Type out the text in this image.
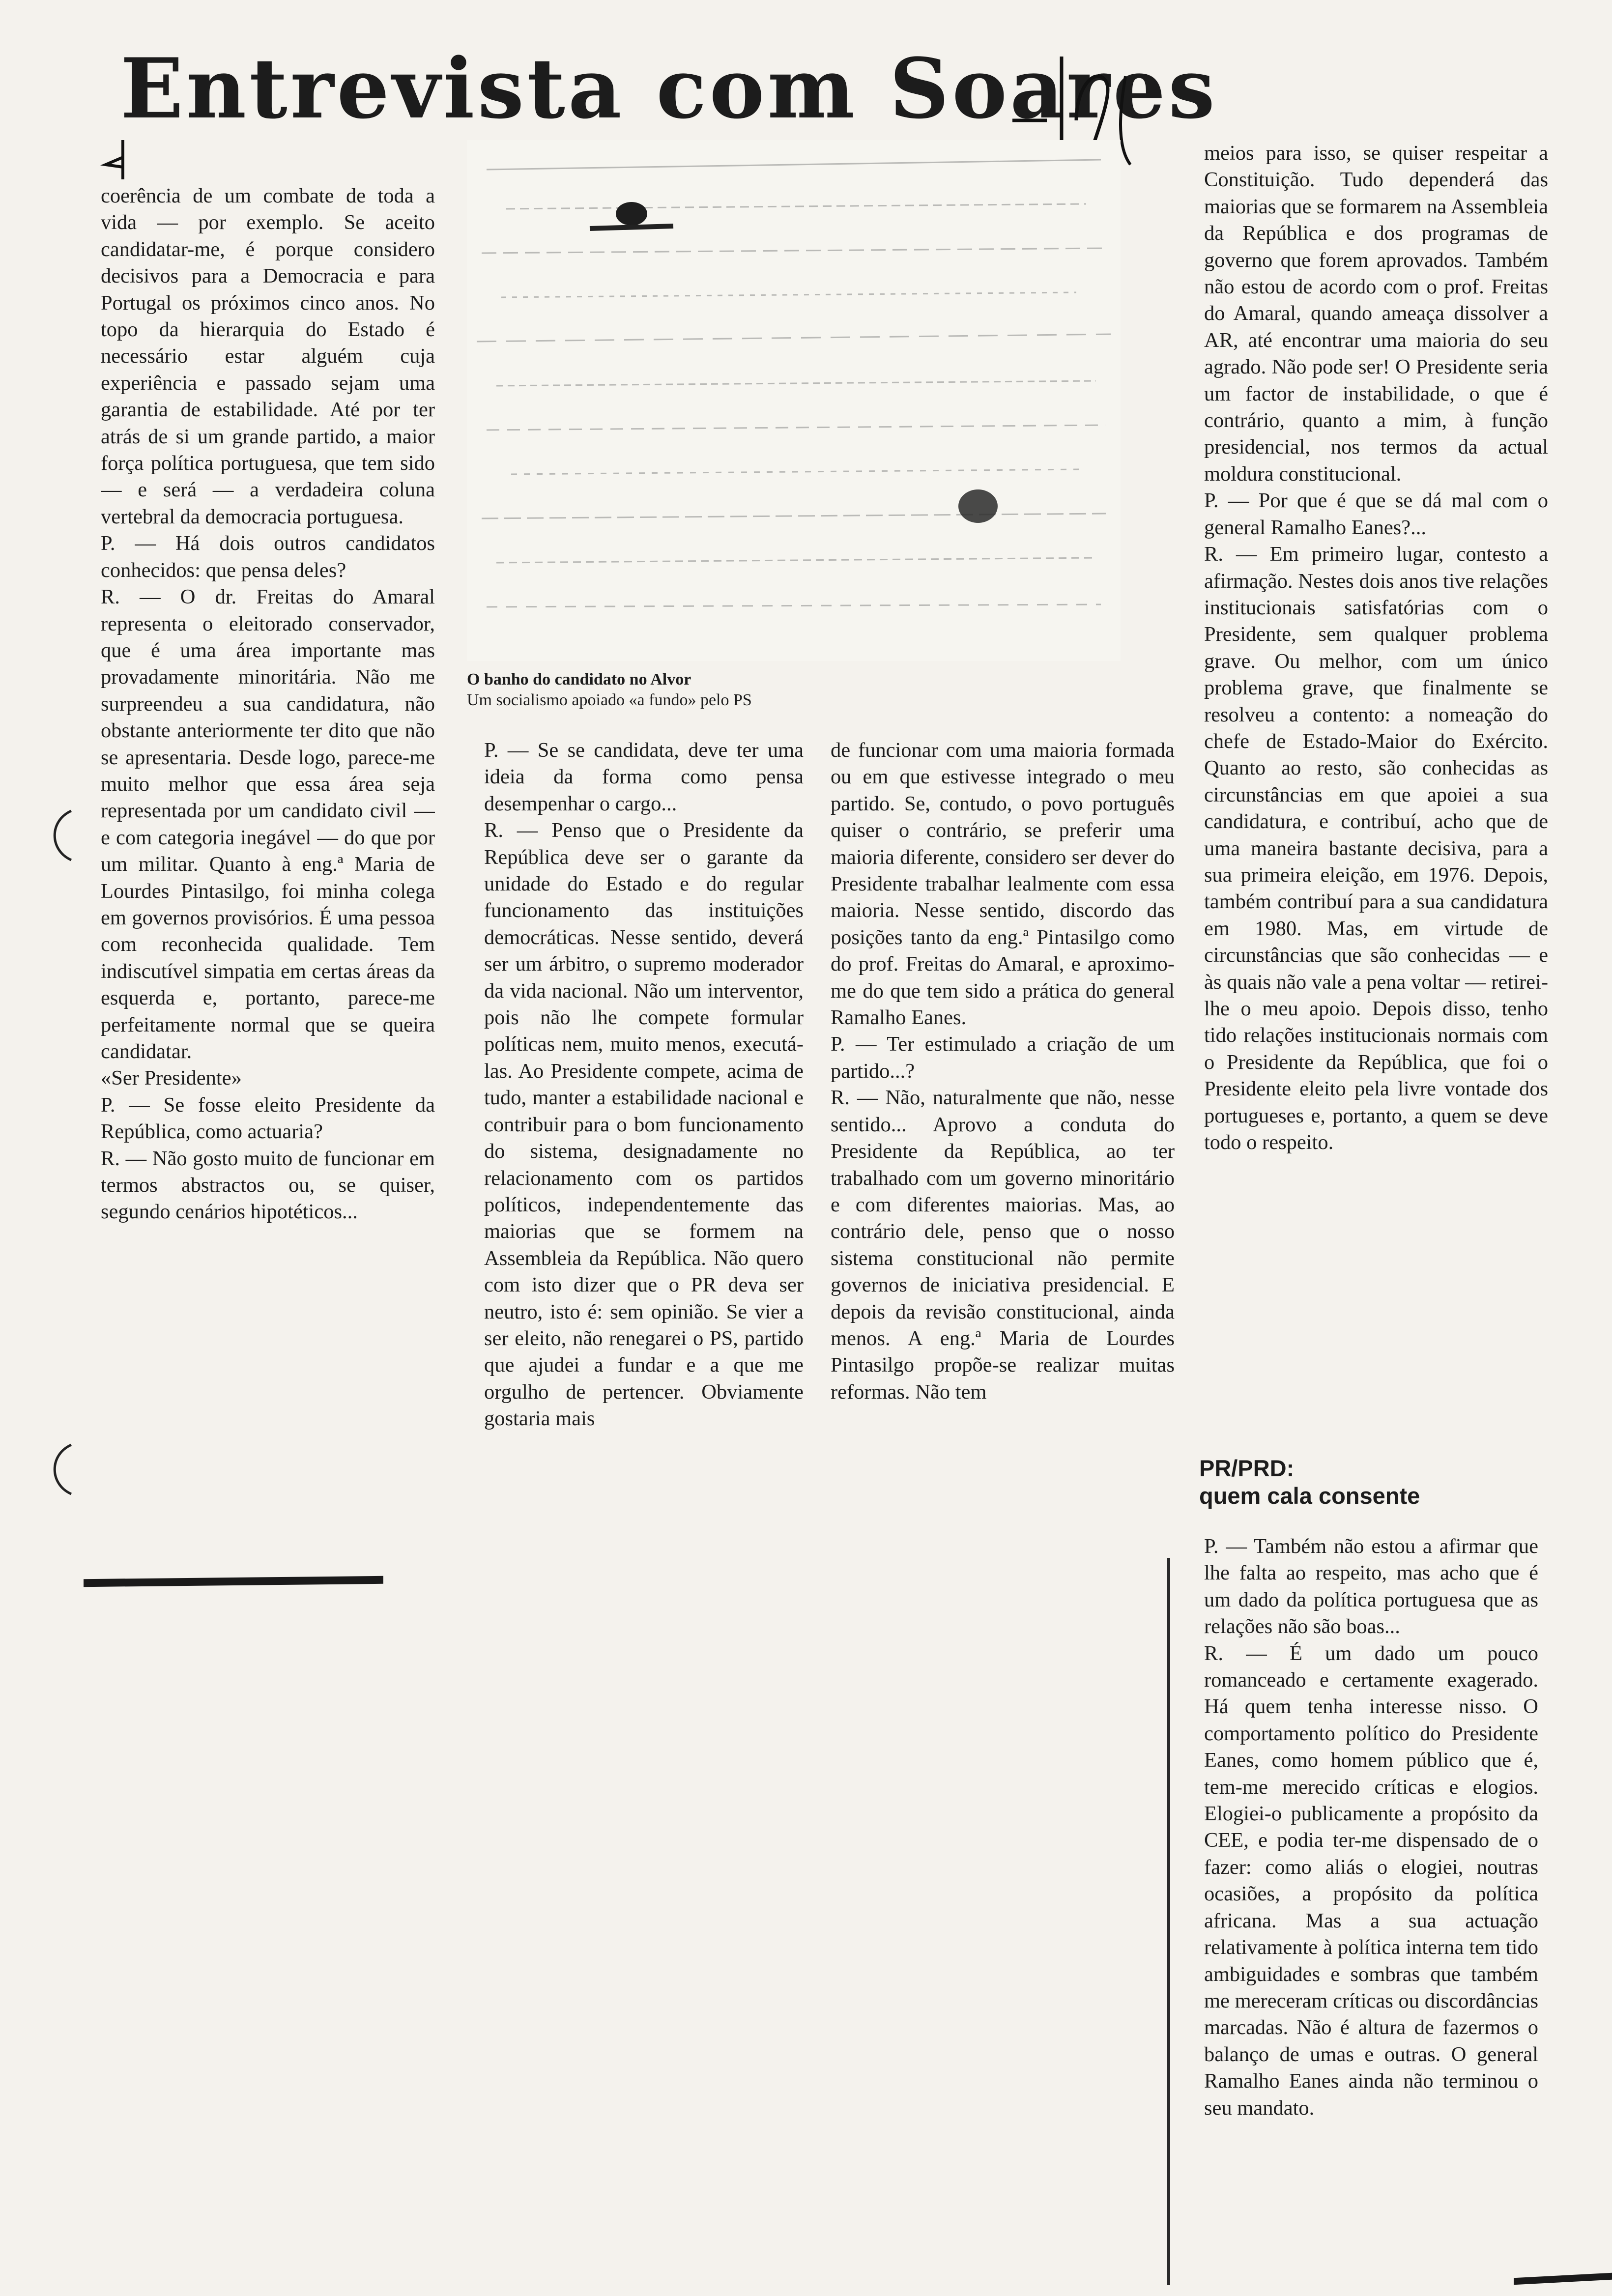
Entrevista com Soares
O banho do candidato no Alvor
Um socialismo apoiado «a fundo» pelo PS
coerência de um combate de toda a vida — por exemplo. Se aceito candidatar-me, é porque considero decisivos para a Democracia e para Portugal os próximos cinco anos. No topo da hierarquia do Estado é necessário estar alguém cuja experiência e passado sejam uma garantia de estabilidade. Até por ter atrás de si um grande partido, a maior força política portuguesa, que tem sido — e será — a verdadeira coluna vertebral da democracia portuguesa.
P. — Há dois outros candidatos conhecidos: que pensa deles?
R. — O dr. Freitas do Amaral representa o eleitorado conservador, que é uma área importante mas provadamente minoritária. Não me surpreendeu a sua candidatura, não obstante anteriormente ter dito que não se apresentaria. Desde logo, parece-me muito melhor que essa área seja representada por um candidato civil — e com categoria inegável — do que por um militar. Quanto à eng.ª Maria de Lourdes Pintasilgo, foi minha colega em governos provisórios. É uma pessoa com reconhecida qualidade. Tem indiscutível simpatia em certas áreas da esquerda e, portanto, parece-me perfeitamente normal que se queira candidatar.
«Ser Presidente»
P. — Se fosse eleito Presidente da República, como actuaria?
R. — Não gosto muito de funcionar em termos abstractos ou, se quiser, segundo cenários hipotéticos...
P. — Se se candidata, deve ter uma ideia da forma como pensa desempenhar o cargo...
R. — Penso que o Presidente da República deve ser o garante da unidade do Estado e do regular funcionamento das instituições democráticas. Nesse sentido, deverá ser um árbitro, o supremo moderador da vida nacional. Não um interventor, pois não lhe compete formular políticas nem, muito menos, executá-las. Ao Presidente compete, acima de tudo, manter a estabilidade nacional e contribuir para o bom funcionamento do sistema, designadamente no relacionamento com os partidos políticos, independentemente das maiorias que se formem na Assembleia da República. Não quero com isto dizer que o PR deva ser neutro, isto é: sem opinião. Se vier a ser eleito, não renegarei o PS, partido que ajudei a fundar e a que me orgulho de pertencer. Obviamente gostaria mais
de funcionar com uma maioria formada ou em que estivesse integrado o meu partido. Se, contudo, o povo português quiser o contrário, se preferir uma maioria diferente, considero ser dever do Presidente trabalhar lealmente com essa maioria. Nesse sentido, discordo das posições tanto da eng.ª Pintasilgo como do prof. Freitas do Amaral, e aproximo-me do que tem sido a prática do general Ramalho Eanes.
P. — Ter estimulado a criação de um partido...?
R. — Não, naturalmente que não, nesse sentido... Aprovo a conduta do Presidente da República, ao ter trabalhado com um governo minoritário e com diferentes maiorias. Mas, ao contrário dele, penso que o nosso sistema constitucional não permite governos de iniciativa presidencial. E depois da revisão constitucional, ainda menos. A eng.ª Maria de Lourdes Pintasilgo propõe-se realizar muitas reformas. Não tem
meios para isso, se quiser respeitar a Constituição. Tudo dependerá das maiorias que se formarem na Assembleia da República e dos programas de governo que forem aprovados. Também não estou de acordo com o prof. Freitas do Amaral, quando ameaça dissolver a AR, até encontrar uma maioria do seu agrado. Não pode ser! O Presidente seria um factor de instabilidade, o que é contrário, quanto a mim, à função presidencial, nos termos da actual moldura constitucional.
P. — Por que é que se dá mal com o general Ramalho Eanes?...
R. — Em primeiro lugar, contesto a afirmação. Nestes dois anos tive relações institucionais satisfatórias com o Presidente, sem qualquer problema grave. Ou melhor, com um único problema grave, que finalmente se resolveu a contento: a nomeação do chefe de Estado-Maior do Exército. Quanto ao resto, são conhecidas as circunstâncias em que apoiei a sua candidatura, e contribuí, acho que de uma maneira bastante decisiva, para a sua primeira eleição, em 1976. Depois, também contribuí para a sua candidatura em 1980. Mas, em virtude de circunstâncias que são conhecidas — e às quais não vale a pena voltar — retirei-lhe o meu apoio. Depois disso, tenho tido relações institucionais normais com o Presidente da República, que foi o Presidente eleito pela livre vontade dos portugueses e, portanto, a quem se deve todo o respeito.
PR/PRD:
quem cala consente
P. — Também não estou a afirmar que lhe falta ao respeito, mas acho que é um dado da política portuguesa que as relações não são boas...
R. — É um dado um pouco romanceado e certamente exagerado. Há quem tenha interesse nisso. O comportamento político do Presidente Eanes, como homem público que é, tem-me merecido críticas e elogios. Elogiei-o publicamente a propósito da CEE, e podia ter-me dispensado de o fazer: como aliás o elogiei, noutras ocasiões, a propósito da política africana. Mas a sua actuação relativamente à política interna tem tido ambiguidades e sombras que também me mereceram críticas ou discordâncias marcadas. Não é altura de fazermos o balanço de umas e outras. O general Ramalho Eanes ainda não terminou o seu mandato.
